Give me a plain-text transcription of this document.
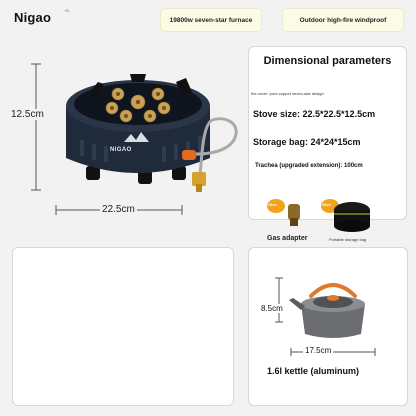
Nigao	+B
19800w seven-star furnace	Outdoor high-fire windproof
12.5cm
NIGAO
22.5cm
Dimensional parameters
fire cover: pure copper seven-star design
Stove size: 22.5*22.5*12.5cm
Storage bag: 24*24*15cm
Trachea (upgraded extension): 100cm
Give
Gas adapter
Give
Portable storage bag
8.5cm
17.5cm
1.6l kettle (aluminum)
